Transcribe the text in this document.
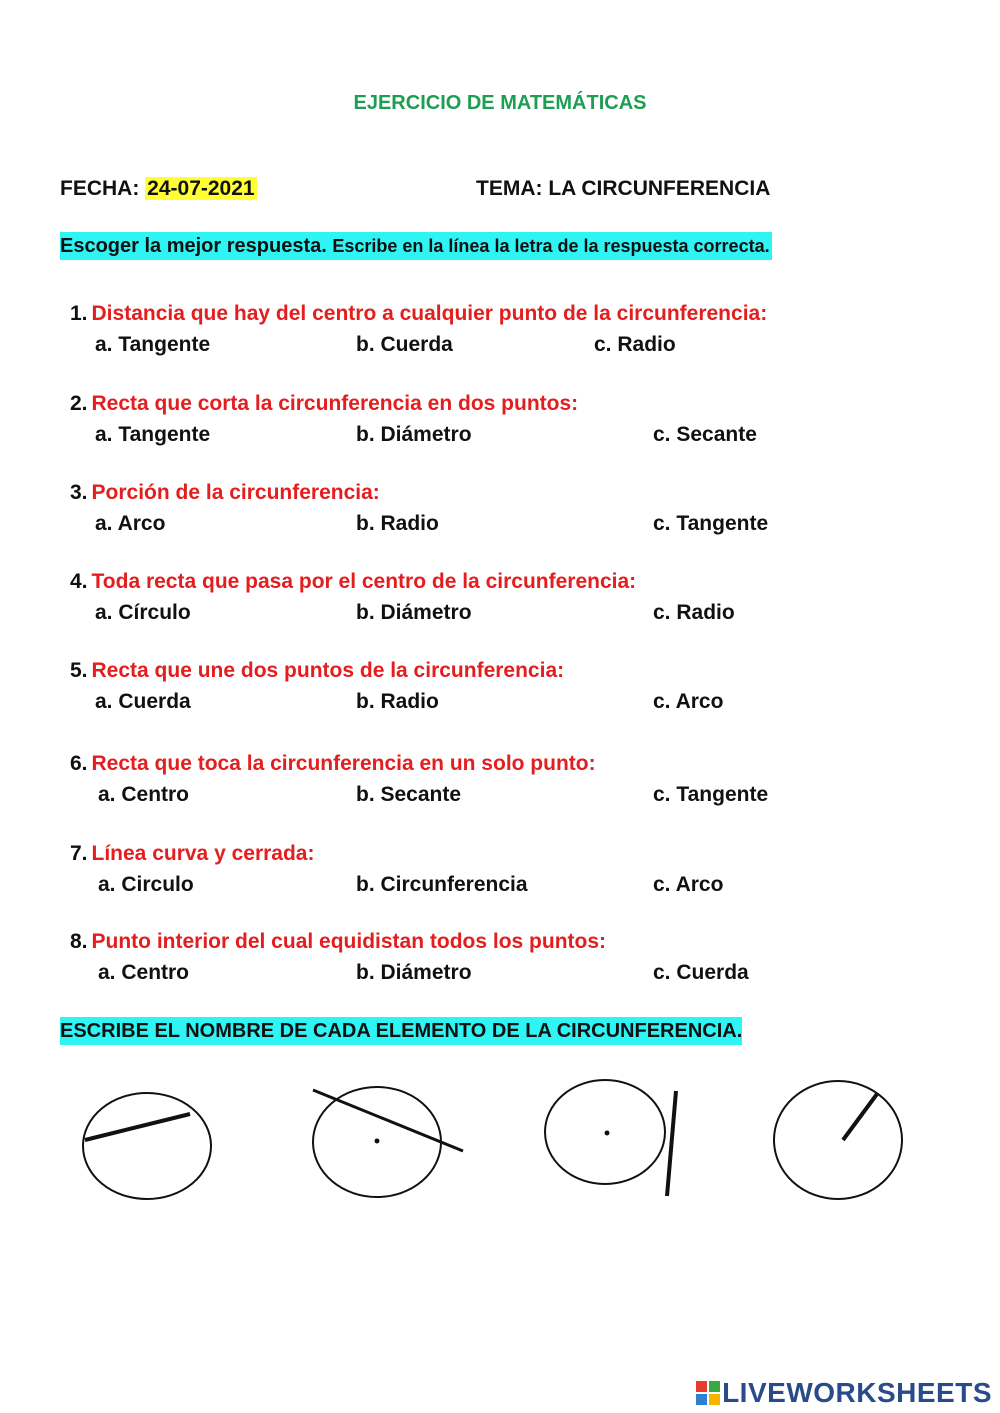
EJERCICIO DE MATEMÁTICAS
FECHA: 24-07-2021	TEMA: LA CIRCUNFERENCIA
Escoger la mejor respuesta. Escribe en la línea la letra de la respuesta correcta.
1. Distancia que hay del centro a cualquier punto de la circunferencia:
a. Tangente	b. Cuerda	c. Radio
2. Recta que corta la circunferencia en dos puntos:
a. Tangente	b. Diámetro	c. Secante
3. Porción de la circunferencia:
a. Arco	b. Radio	c. Tangente
4. Toda recta que pasa por el centro de la circunferencia:
a. Círculo	b. Diámetro	c. Radio
5. Recta que une dos puntos de la circunferencia:
a. Cuerda	b. Radio	c. Arco
6. Recta que toca la circunferencia en un solo punto:
a. Centro	b. Secante	c. Tangente
7. Línea curva y cerrada:
a. Circulo	b. Circunferencia	c. Arco
8. Punto interior del cual equidistan todos los puntos:
a. Centro	b. Diámetro	c. Cuerda
ESCRIBE EL NOMBRE DE CADA ELEMENTO DE LA CIRCUNFERENCIA.
LIVEWORKSHEETS
